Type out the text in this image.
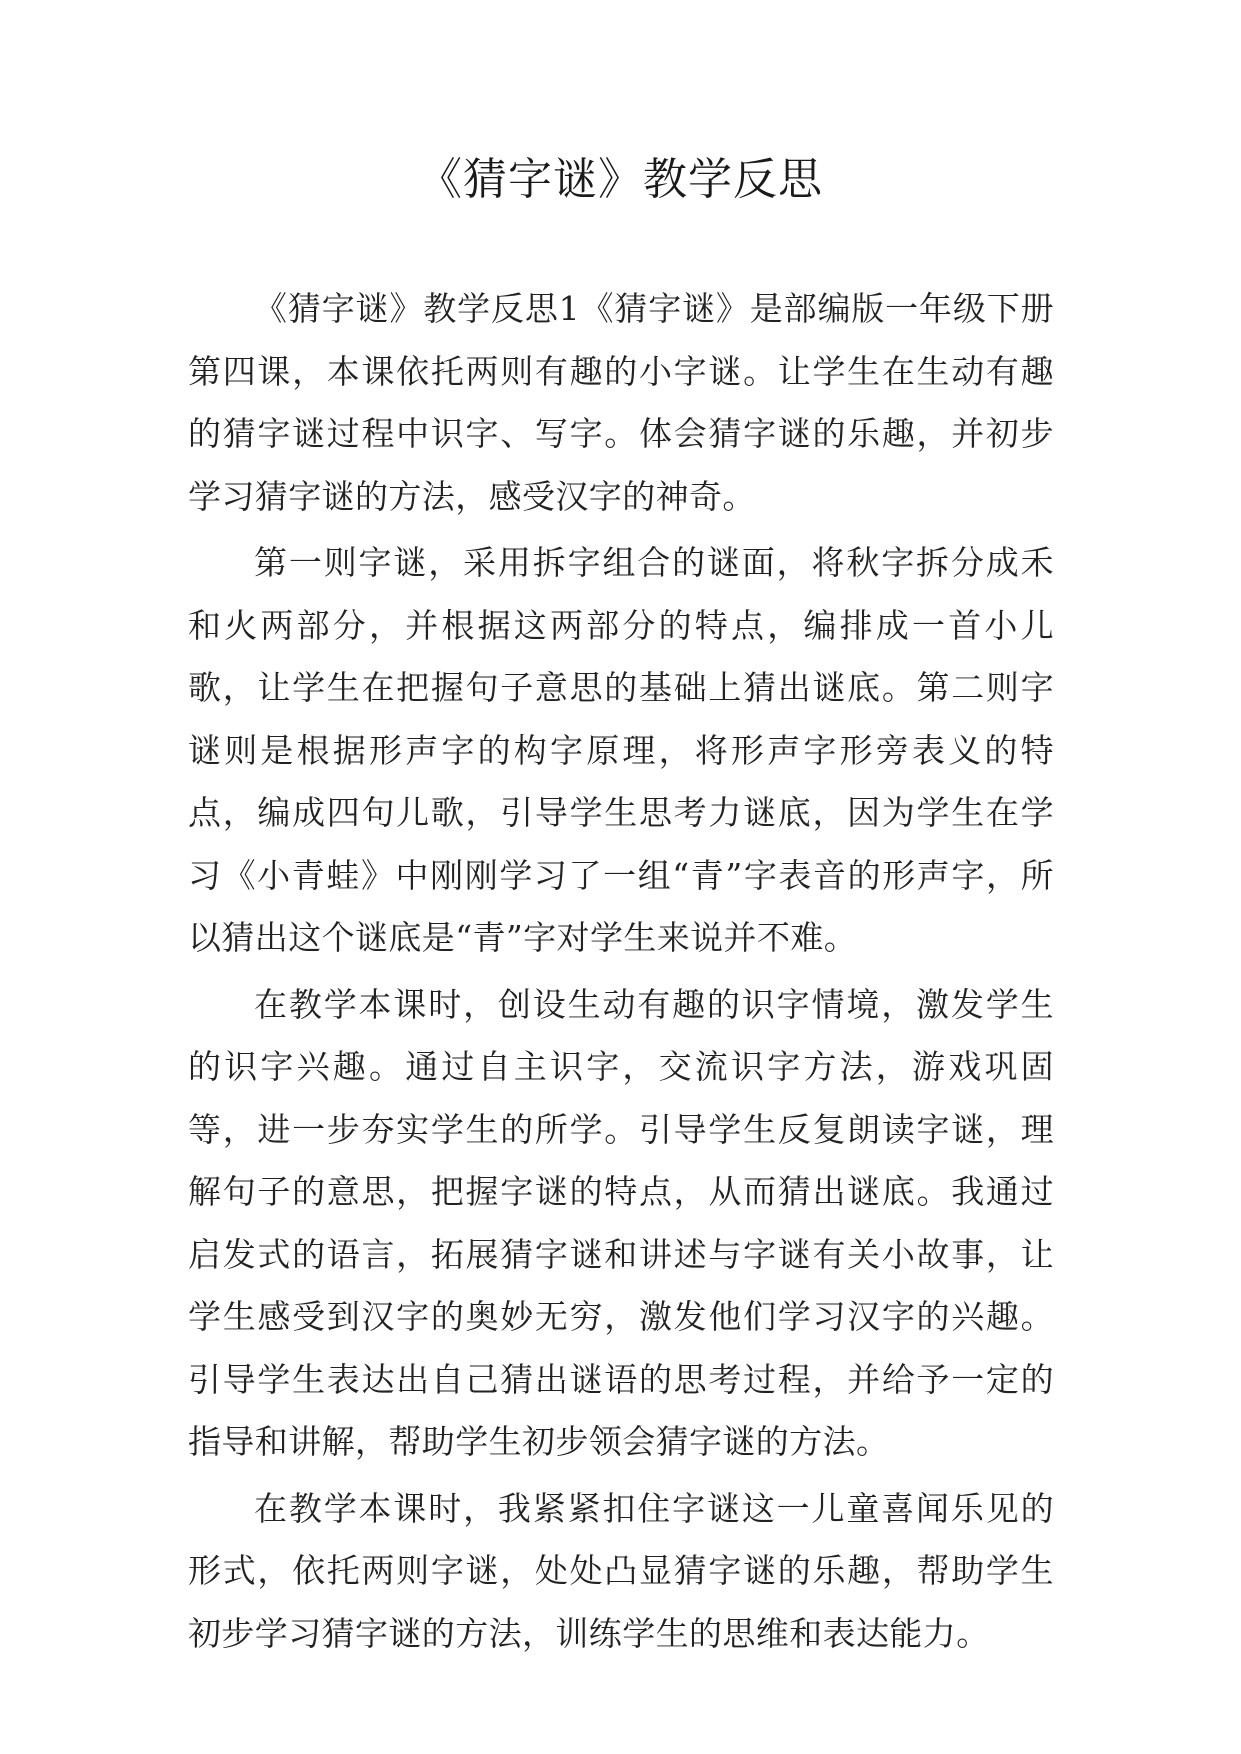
《猜字谜》教学反思

《猜字谜》教学反思1《猜字谜》是部编版一年级下册第四课，本课依托两则有趣的小字谜。让学生在生动有趣的猜字谜过程中识字、写字。体会猜字谜的乐趣，并初步学习猜字谜的方法，感受汉字的神奇。

第一则字谜，采用拆字组合的谜面，将秋字拆分成禾和火两部分，并根据这两部分的特点，编排成一首小儿歌，让学生在把握句子意思的基础上猜出谜底。第二则字谜则是根据形声字的构字原理，将形声字形旁表义的特点，编成四句儿歌，引导学生思考力谜底，因为学生在学习《小青蛙》中刚刚学习了一组“青”字表音的形声字，所以猜出这个谜底是“青”字对学生来说并不难。

在教学本课时，创设生动有趣的识字情境，激发学生的识字兴趣。通过自主识字，交流识字方法，游戏巩固等，进一步夯实学生的所学。引导学生反复朗读字谜，理解句子的意思，把握字谜的特点，从而猜出谜底。我通过启发式的语言，拓展猜字谜和讲述与字谜有关小故事，让学生感受到汉字的奥妙无穷，激发他们学习汉字的兴趣。引导学生表达出自己猜出谜语的思考过程，并给予一定的指导和讲解，帮助学生初步领会猜字谜的方法。

在教学本课时，我紧紧扣住字谜这一儿童喜闻乐见的形式，依托两则字谜，处处凸显猜字谜的乐趣，帮助学生初步学习猜字谜的方法，训练学生的思维和表达能力。
